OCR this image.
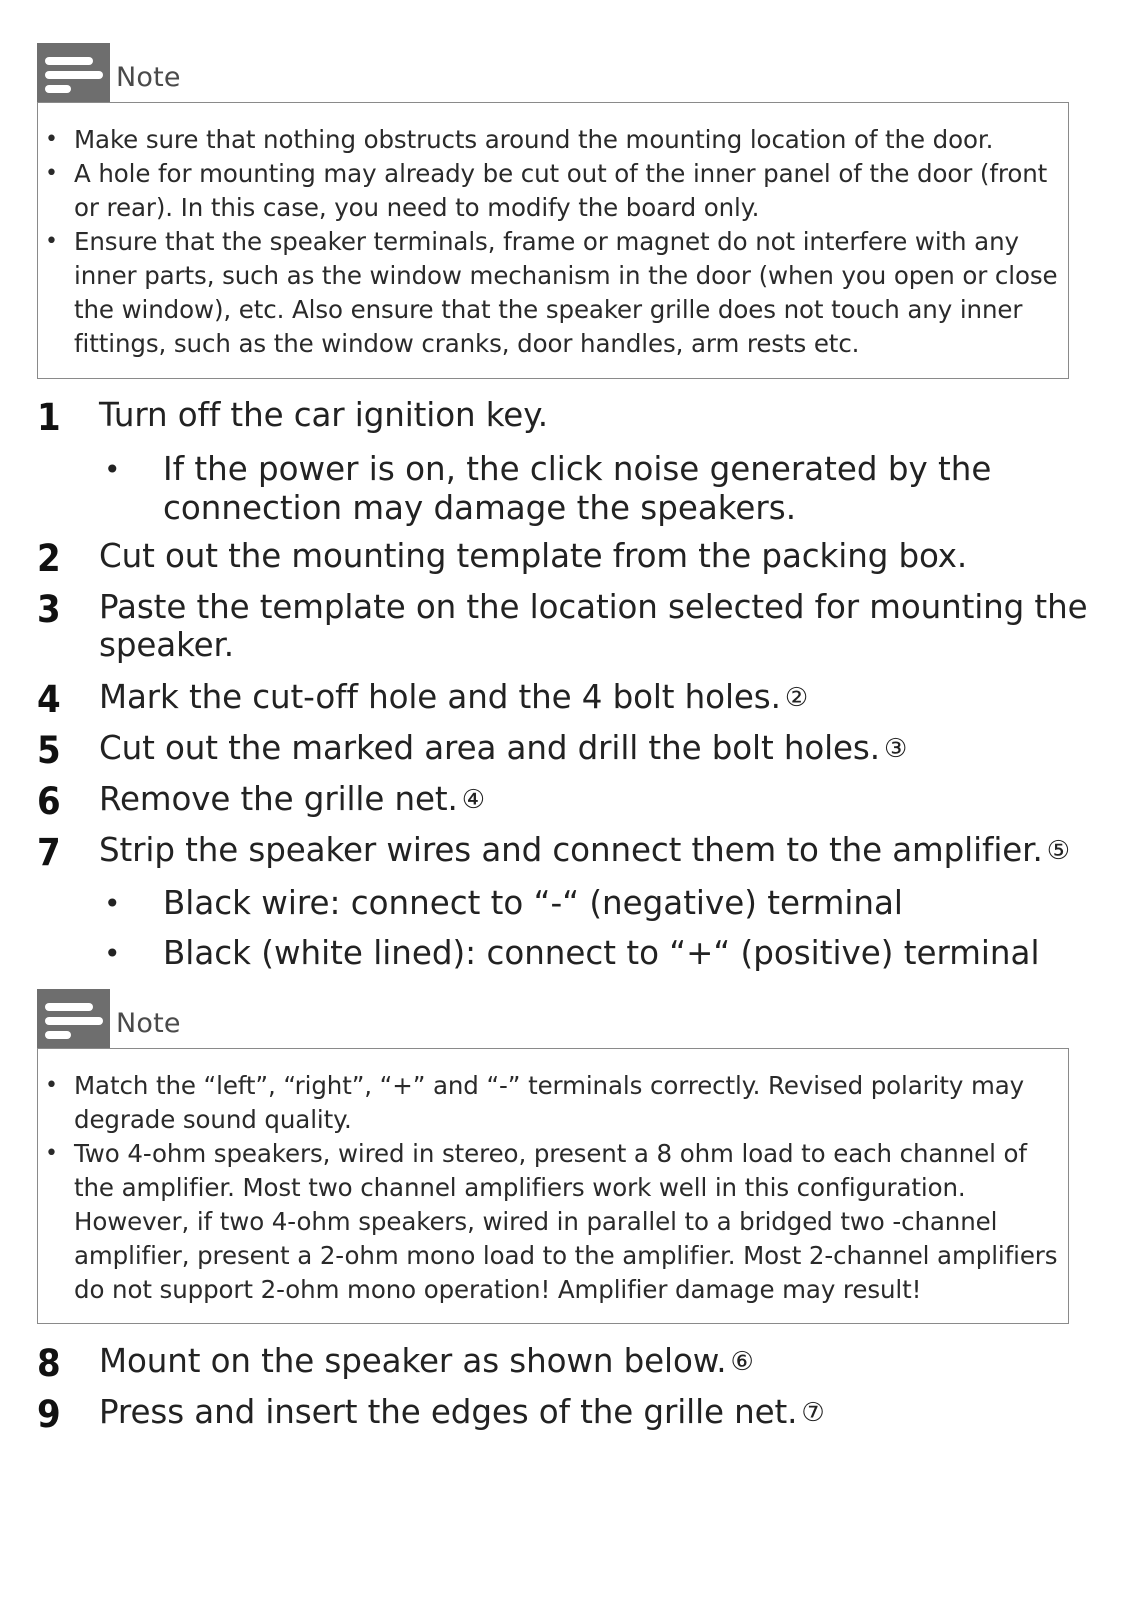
Note
• Make sure that nothing obstructs around the mounting location of the door.
• A hole for mounting may already be cut out of the inner panel of the door (front or rear). In this case, you need to modify the board only.
• Ensure that the speaker terminals, frame or magnet do not interfere with any inner parts, such as the window mechanism in the door (when you open or close the window), etc. Also ensure that the speaker grille does not touch any inner fittings, such as the window cranks, door handles, arm rests etc.
1 Turn off the car ignition key.
• If the power is on, the click noise generated by the connection may damage the speakers.
2 Cut out the mounting template from the packing box.
3 Paste the template on the location selected for mounting the speaker.
4 Mark the cut-off hole and the 4 bolt holes. ②
5 Cut out the marked area and drill the bolt holes. ③
6 Remove the grille net. ④
7 Strip the speaker wires and connect them to the amplifier. ⑤
• Black wire: connect to “-“ (negative) terminal
• Black (white lined): connect to “+“ (positive) terminal
Note
• Match the “left”, “right”, “+” and “-” terminals correctly. Revised polarity may degrade sound quality.
• Two 4-ohm speakers, wired in stereo, present a 8 ohm load to each channel of the amplifier. Most two channel amplifiers work well in this configuration. However, if two 4-ohm speakers, wired in parallel to a bridged two -channel amplifier, present a 2-ohm mono load to the amplifier. Most 2-channel amplifiers do not support 2-ohm mono operation! Amplifier damage may result!
8 Mount on the speaker as shown below. ⑥
9 Press and insert the edges of the grille net. ⑦
